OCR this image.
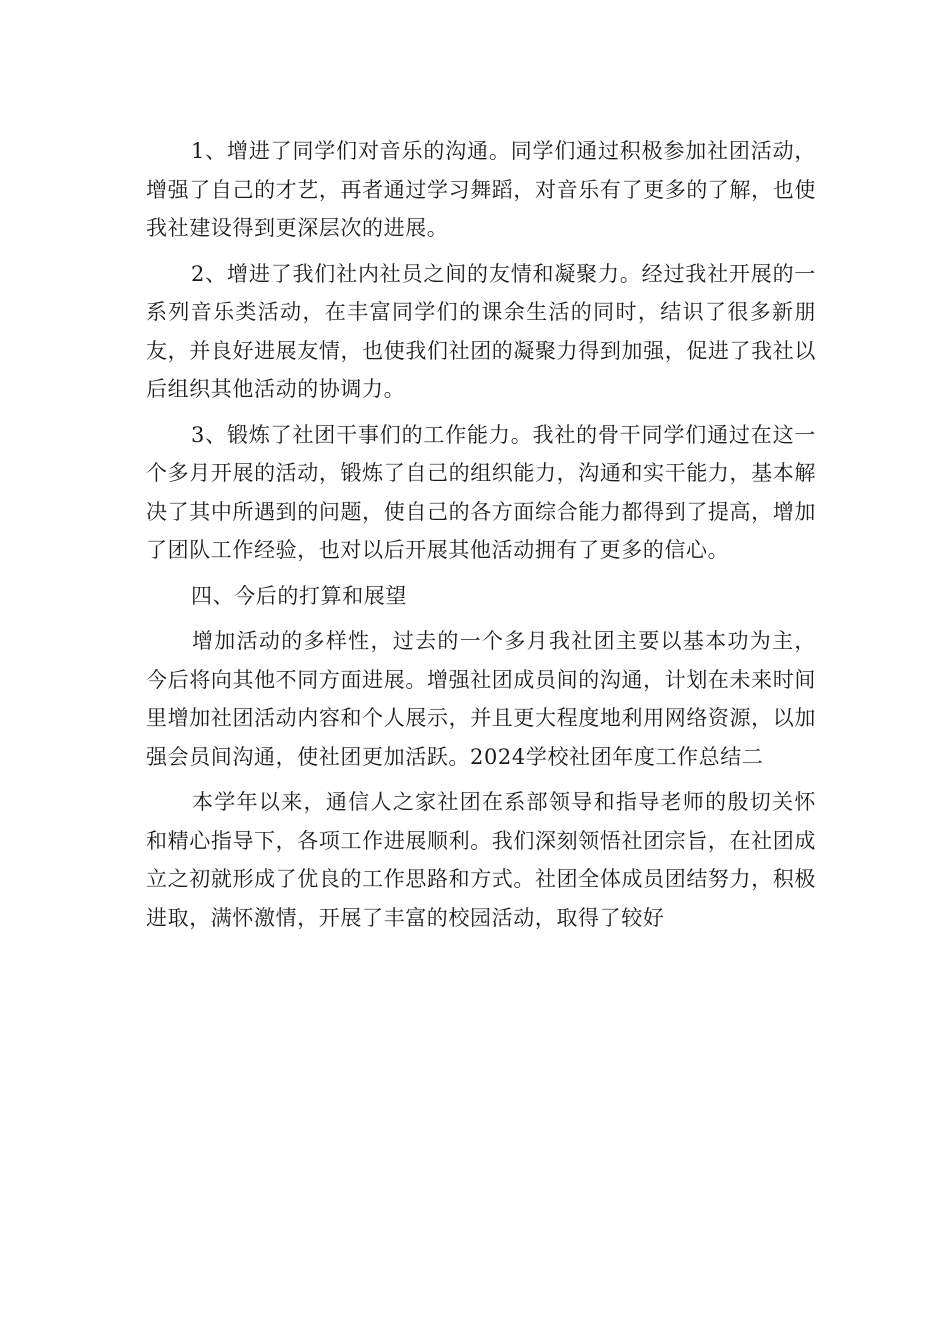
1、增进了同学们对音乐的沟通。同学们通过积极参加社团活动，增强了自己的才艺，再者通过学习舞蹈，对音乐有了更多的了解，也使我社建设得到更深层次的进展。

2、增进了我们社内社员之间的友情和凝聚力。经过我社开展的一系列音乐类活动，在丰富同学们的课余生活的同时，结识了很多新朋友，并良好进展友情，也使我们社团的凝聚力得到加强，促进了我社以后组织其他活动的协调力。

3、锻炼了社团干事们的工作能力。我社的骨干同学们通过在这一个多月开展的活动，锻炼了自己的组织能力，沟通和实干能力，基本解决了其中所遇到的问题，使自己的各方面综合能力都得到了提高，增加了团队工作经验，也对以后开展其他活动拥有了更多的信心。

四、今后的打算和展望

增加活动的多样性，过去的一个多月我社团主要以基本功为主，今后将向其他不同方面进展。增强社团成员间的沟通，计划在未来时间里增加社团活动内容和个人展示，并且更大程度地利用网络资源，以加强会员间沟通，使社团更加活跃。2024学校社团年度工作总结二

本学年以来，通信人之家社团在系部领导和指导老师的殷切关怀和精心指导下，各项工作进展顺利。我们深刻领悟社团宗旨，在社团成立之初就形成了优良的工作思路和方式。社团全体成员团结努力，积极进取，满怀激情，开展了丰富的校园活动，取得了较好
